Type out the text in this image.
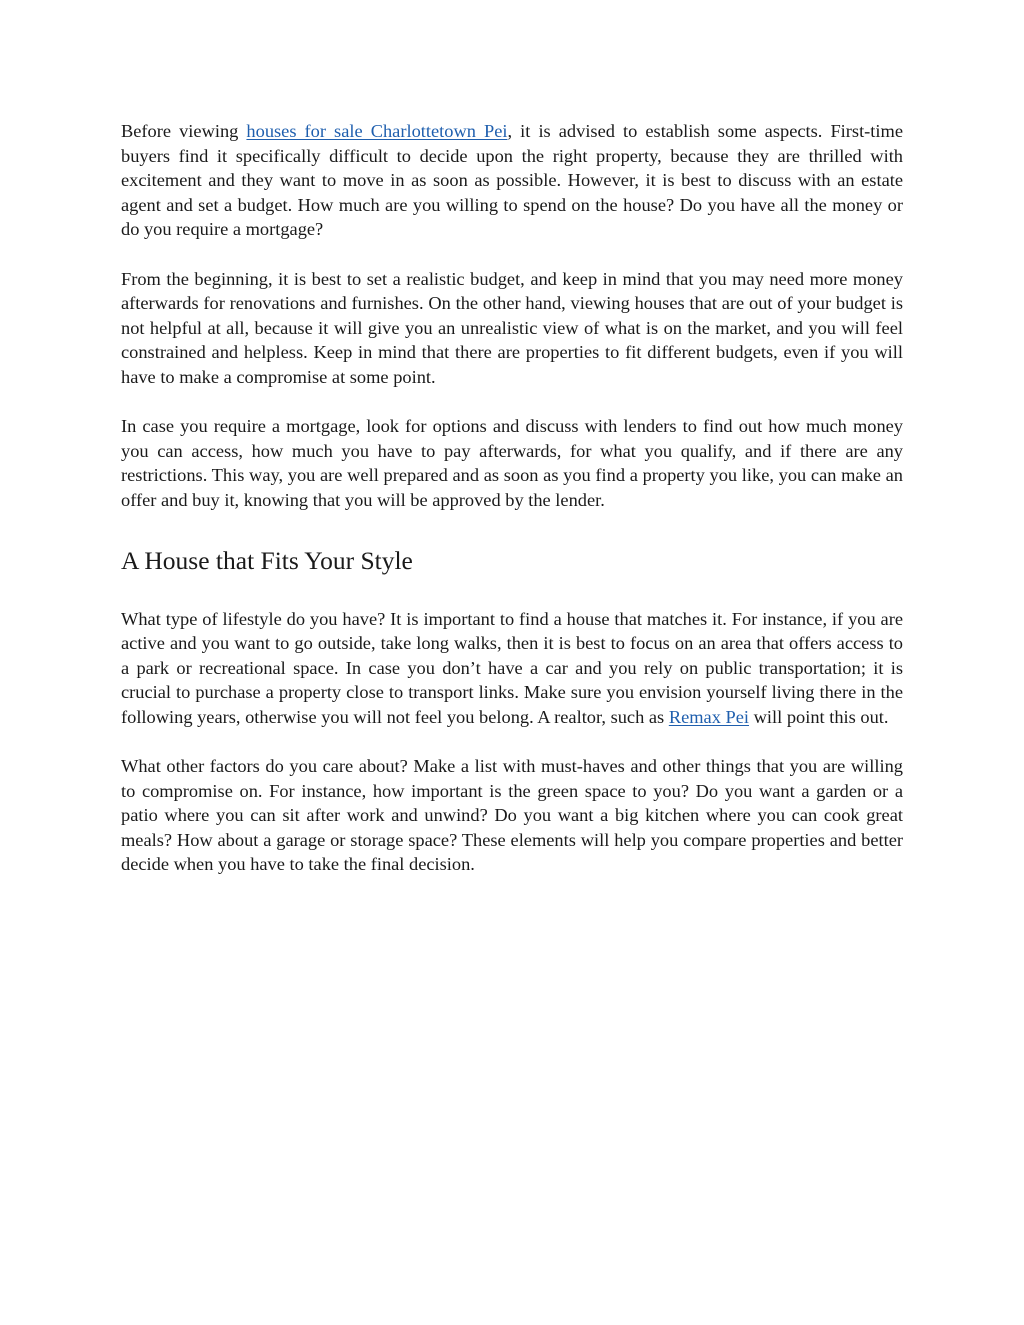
Before viewing houses for sale Charlottetown Pei, it is advised to establish some aspects. First-time buyers find it specifically difficult to decide upon the right property, because they are thrilled with excitement and they want to move in as soon as possible. However, it is best to discuss with an estate agent and set a budget. How much are you willing to spend on the house? Do you have all the money or do you require a mortgage?

From the beginning, it is best to set a realistic budget, and keep in mind that you may need more money afterwards for renovations and furnishes. On the other hand, viewing houses that are out of your budget is not helpful at all, because it will give you an unrealistic view of what is on the market, and you will feel constrained and helpless. Keep in mind that there are properties to fit different budgets, even if you will have to make a compromise at some point.

In case you require a mortgage, look for options and discuss with lenders to find out how much money you can access, how much you have to pay afterwards, for what you qualify, and if there are any restrictions. This way, you are well prepared and as soon as you find a property you like, you can make an offer and buy it, knowing that you will be approved by the lender.

A House that Fits Your Style

What type of lifestyle do you have? It is important to find a house that matches it. For instance, if you are active and you want to go outside, take long walks, then it is best to focus on an area that offers access to a park or recreational space. In case you don’t have a car and you rely on public transportation; it is crucial to purchase a property close to transport links. Make sure you envision yourself living there in the following years, otherwise you will not feel you belong. A realtor, such as Remax Pei will point this out.

What other factors do you care about? Make a list with must-haves and other things that you are willing to compromise on. For instance, how important is the green space to you? Do you want a garden or a patio where you can sit after work and unwind? Do you want a big kitchen where you can cook great meals? How about a garage or storage space? These elements will help you compare properties and better decide when you have to take the final decision.
